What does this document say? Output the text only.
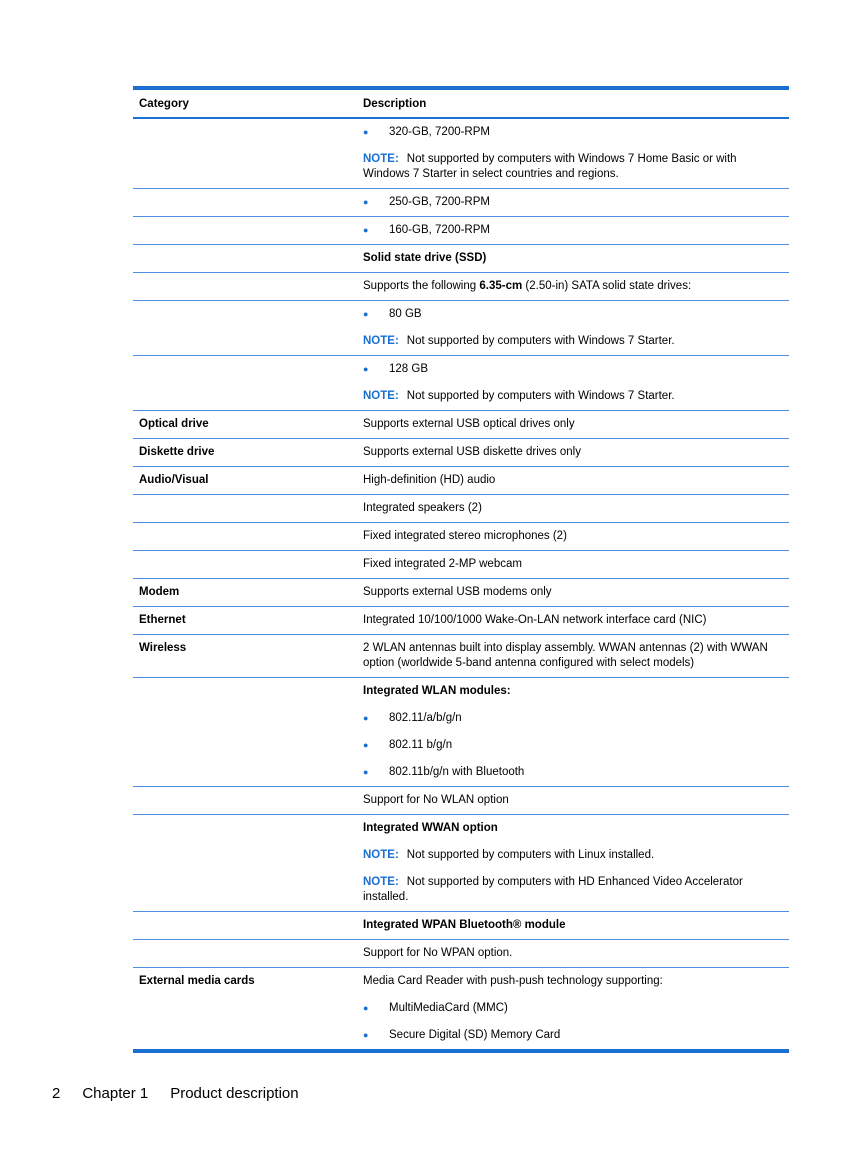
Category	Description
●	320-GB, 7200-RPM
NOTE: Not supported by computers with Windows 7 Home Basic or with Windows 7 Starter in select countries and regions.
●	250-GB, 7200-RPM
●	160-GB, 7200-RPM
Solid state drive (SSD)
Supports the following 6.35-cm (2.50-in) SATA solid state drives:
●	80 GB
NOTE: Not supported by computers with Windows 7 Starter.
●	128 GB
NOTE: Not supported by computers with Windows 7 Starter.
Optical drive	Supports external USB optical drives only
Diskette drive	Supports external USB diskette drives only
Audio/Visual	High-definition (HD) audio
Integrated speakers (2)
Fixed integrated stereo microphones (2)
Fixed integrated 2-MP webcam
Modem	Supports external USB modems only
Ethernet	Integrated 10/100/1000 Wake-On-LAN network interface card (NIC)
Wireless	2 WLAN antennas built into display assembly. WWAN antennas (2) with WWAN option (worldwide 5-band antenna configured with select models)
Integrated WLAN modules:
●	802.11/a/b/g/n
●	802.11 b/g/n
●	802.11b/g/n with Bluetooth
Support for No WLAN option
Integrated WWAN option
NOTE: Not supported by computers with Linux installed.
NOTE: Not supported by computers with HD Enhanced Video Accelerator installed.
Integrated WPAN Bluetooth® module
Support for No WPAN option.
External media cards	Media Card Reader with push-push technology supporting:
●	MultiMediaCard (MMC)
●	Secure Digital (SD) Memory Card
2 Chapter 1 Product description
